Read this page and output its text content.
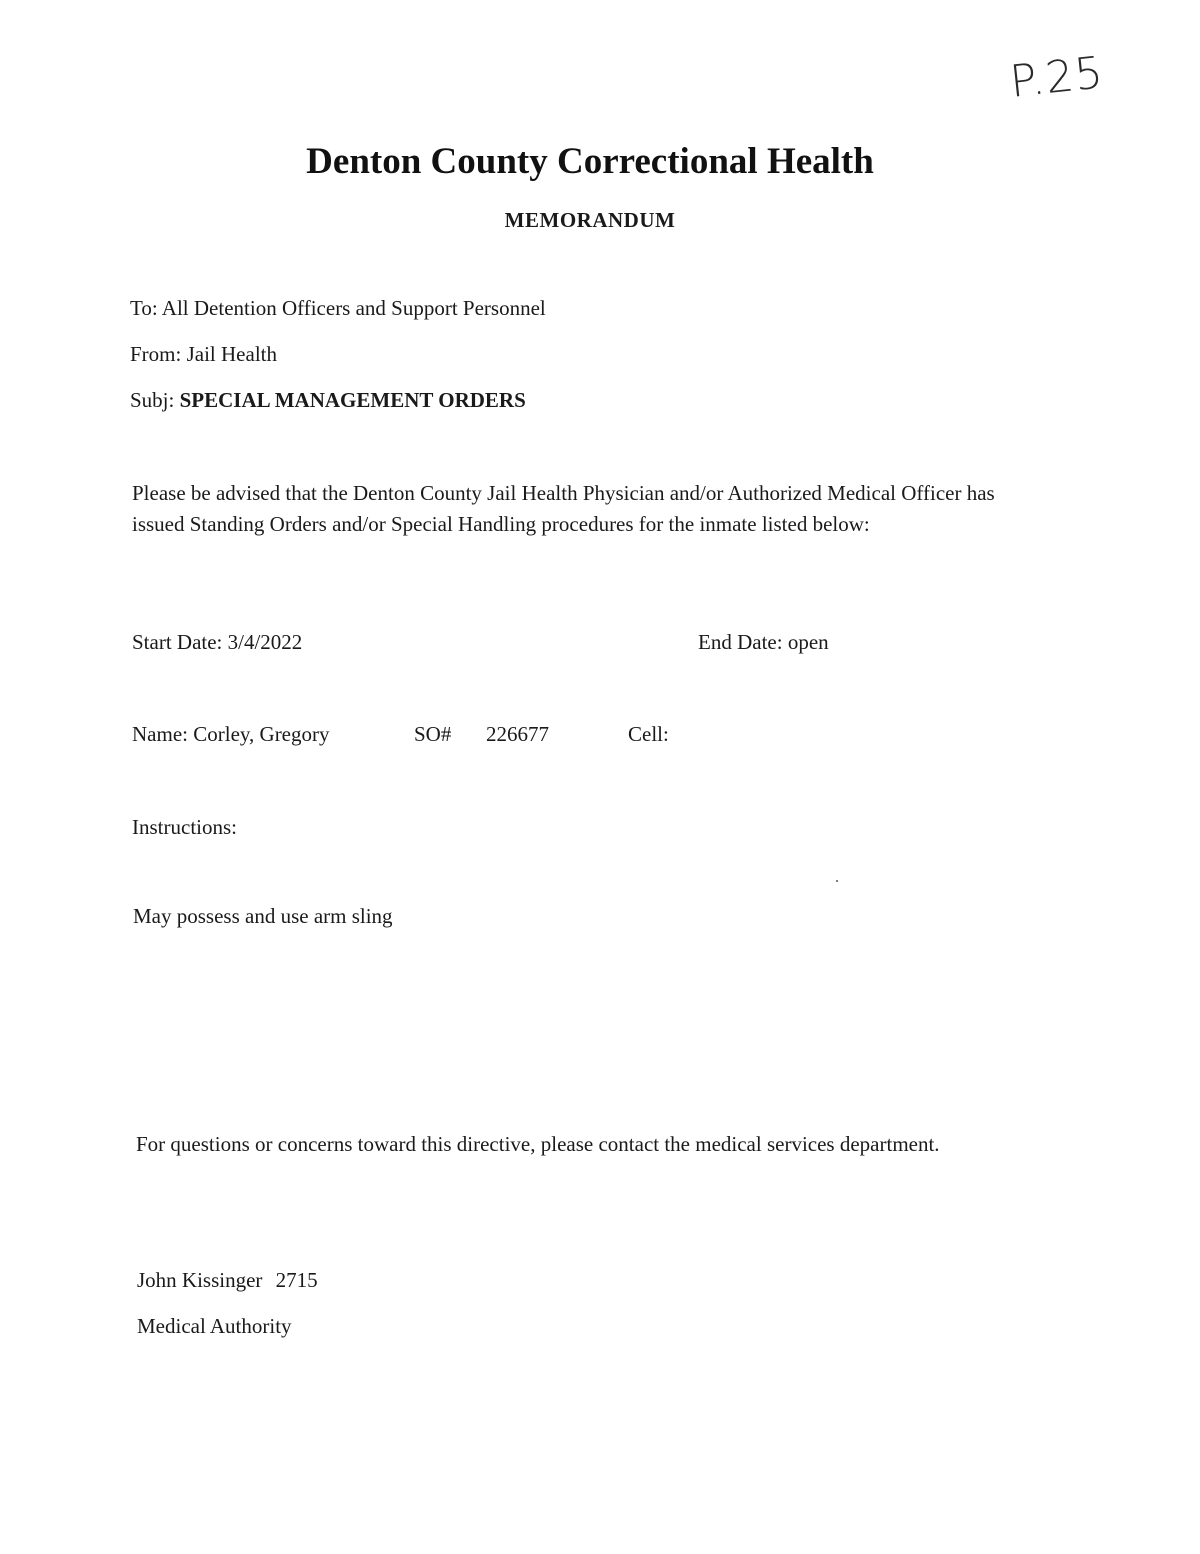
P.25
Denton County Correctional Health
MEMORANDUM
To: All Detention Officers and Support Personnel
From: Jail Health
Subj: SPECIAL MANAGEMENT ORDERS
Please be advised that the Denton County Jail Health Physician and/or Authorized Medical Officer has issued Standing Orders and/or Special Handling procedures for the inmate listed below:
Start Date: 3/4/2022	End Date: open
Name: Corley, Gregory	SO# 226677	Cell:
Instructions:
May possess and use arm sling
For questions or concerns toward this directive, please contact the medical services department.
John Kissinger 2715
Medical Authority
